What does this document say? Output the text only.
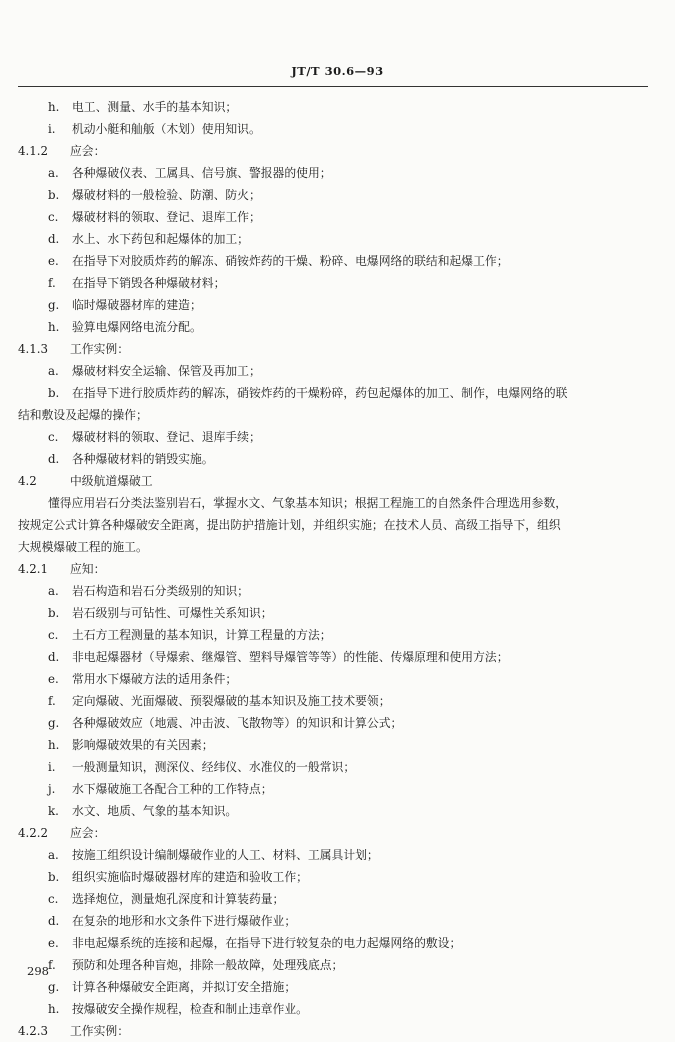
JT/T 30.6—93
h. 电工、测量、水手的基本知识；
i. 机动小艇和舢舨（木划）使用知识。
4.1.2 应会：
a. 各种爆破仪表、工属具、信号旗、警报器的使用；
b. 爆破材料的一般检验、防潮、防火；
c. 爆破材料的领取、登记、退库工作；
d. 水上、水下药包和起爆体的加工；
e. 在指导下对胶质炸药的解冻、硝铵炸药的干燥、粉碎、电爆网络的联结和起爆工作；
f. 在指导下销毁各种爆破材料；
g. 临时爆破器材库的建造；
h. 验算电爆网络电流分配。
4.1.3 工作实例：
a. 爆破材料安全运输、保管及再加工；
b. 在指导下进行胶质炸药的解冻，硝铵炸药的干燥粉碎，药包起爆体的加工、制作，电爆网络的联
结和敷设及起爆的操作；
c. 爆破材料的领取、登记、退库手续；
d. 各种爆破材料的销毁实施。
4.2	中级航道爆破工
懂得应用岩石分类法鉴别岩石，掌握水文、气象基本知识；根据工程施工的自然条件合理选用参数，
按规定公式计算各种爆破安全距离，提出防护措施计划，并组织实施；在技术人员、高级工指导下，组织
大规模爆破工程的施工。
4.2.1 应知：
a. 岩石构造和岩石分类级别的知识；
b. 岩石级别与可钻性、可爆性关系知识；
c. 土石方工程测量的基本知识，计算工程量的方法；
d. 非电起爆器材（导爆索、继爆管、塑料导爆管等等）的性能、传爆原理和使用方法；
e. 常用水下爆破方法的适用条件；
f. 定向爆破、光面爆破、预裂爆破的基本知识及施工技术要领；
g. 各种爆破效应（地震、冲击波、飞散物等）的知识和计算公式；
h. 影响爆破效果的有关因素；
i. 一般测量知识，测深仪、经纬仪、水准仪的一般常识；
j. 水下爆破施工各配合工种的工作特点；
k. 水文、地质、气象的基本知识。
4.2.2 应会：
a. 按施工组织设计编制爆破作业的人工、材料、工属具计划；
b. 组织实施临时爆破器材库的建造和验收工作；
c. 选择炮位，测量炮孔深度和计算装药量；
d. 在复杂的地形和水文条件下进行爆破作业；
e. 非电起爆系统的连接和起爆，在指导下进行较复杂的电力起爆网络的敷设；
f. 预防和处理各种盲炮，排除一般故障，处理残底点；
g. 计算各种爆破安全距离，并拟订安全措施；
h. 按爆破安全操作规程，检查和制止违章作业。
4.2.3 工作实例：
298
